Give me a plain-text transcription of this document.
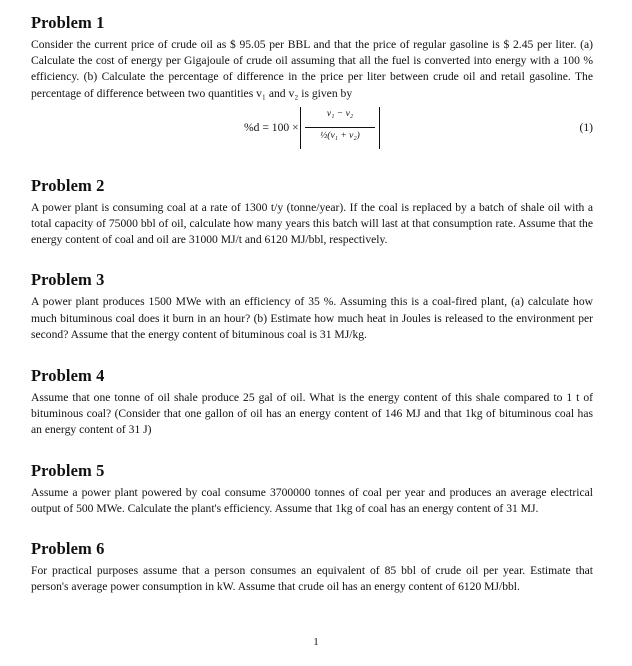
Problem 1

Consider the current price of crude oil as $ 95.05 per BBL and that the price of regular gasoline is $ 2.45 per liter. (a) Calculate the cost of energy per Gigajoule of crude oil assuming that all the fuel is converted into energy with a 100 % efficiency. (b) Calculate the percentage of difference in the price per liter between crude oil and retail gasoline. The percentage of difference between two quantities v₁ and v₂ is given by

%d = 100 ×
v₁ − v₂
½(v₁ + v₂)
(1)
Problem 2

A power plant is consuming coal at a rate of 1300 t/y (tonne/year). If the coal is replaced by a batch of shale oil with a total capacity of 75000 bbl of oil, calculate how many years this batch will last at that consumption rate. Assume that the energy content of coal and oil are 31000 MJ/t and 6120 MJ/bbl, respectively.

Problem 3

A power plant produces 1500 MWe with an efficiency of 35 %. Assuming this is a coal-fired plant, (a) calculate how much bituminous coal does it burn in an hour? (b) Estimate how much heat in Joules is released to the environment per second? Assume that the energy content of bituminous coal is 31 MJ/kg.

Problem 4

Assume that one tonne of oil shale produce 25 gal of oil. What is the energy content of this shale compared to 1 t of bituminous coal? (Consider that one gallon of oil has an energy content of 146 MJ and that 1kg of bituminous coal has an energy content of 31 J)

Problem 5

Assume a power plant powered by coal consume 3700000 tonnes of coal per year and produces an average electrical output of 500 MWe. Calculate the plant's efficiency. Assume that 1kg of coal has an energy content of 31 MJ.

Problem 6

For practical purposes assume that a person consumes an equivalent of 85 bbl of crude oil per year. Estimate that person's average power consumption in kW. Assume that crude oil has an energy content of 6120 MJ/bbl.

1
